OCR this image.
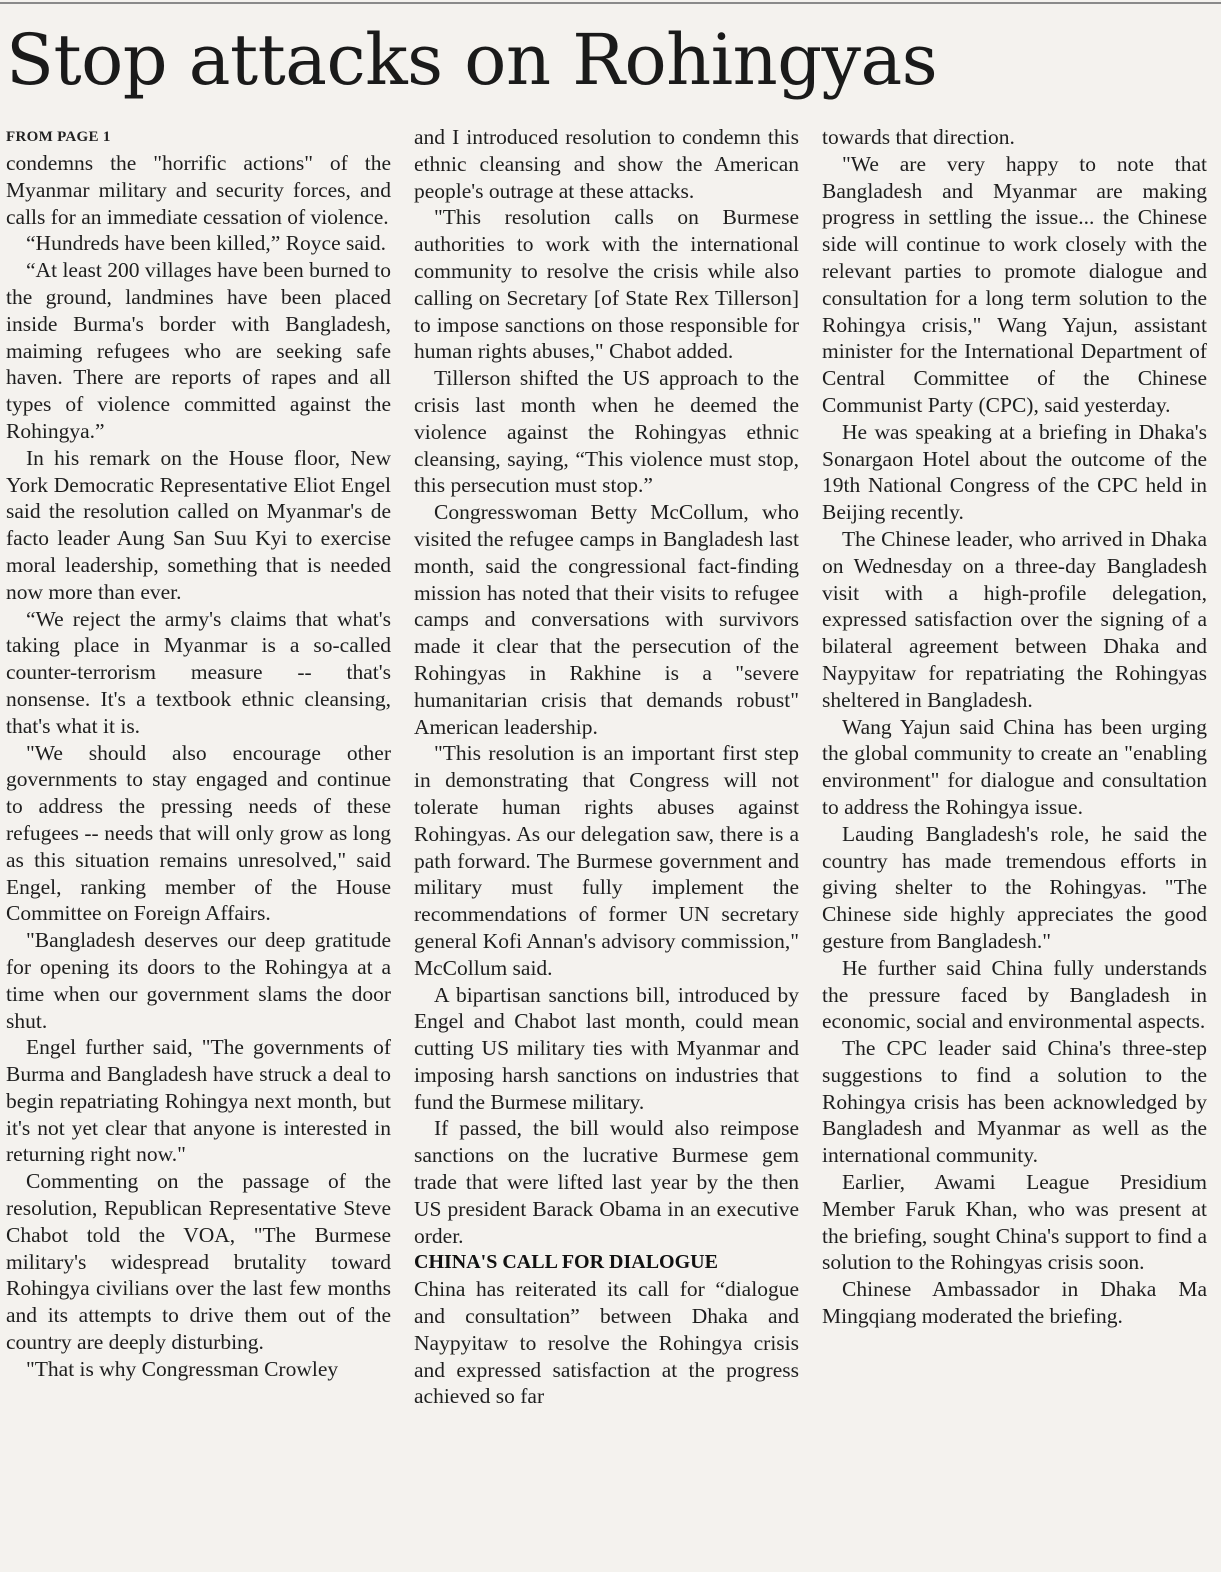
Stop attacks on Rohingyas
FROM PAGE 1

condemns the "horrific actions" of the Myanmar military and security forces, and calls for an immediate cessation of violence.

“Hundreds have been killed,” Royce said.

“At least 200 villages have been burned to the ground, landmines have been placed inside Burma's border with Bangladesh, maiming refugees who are seeking safe haven. There are reports of rapes and all types of violence committed against the Rohingya.”

In his remark on the House floor, New York Democratic Representative Eliot Engel said the resolution called on Myanmar's de facto leader Aung San Suu Kyi to exercise moral leadership, something that is needed now more than ever.

“We reject the army's claims that what's taking place in Myanmar is a so-called counter-terrorism measure -- that's nonsense. It's a textbook ethnic cleansing, that's what it is.

"We should also encourage other governments to stay engaged and continue to address the pressing needs of these refugees -- needs that will only grow as long as this situation remains unresolved," said Engel, ranking member of the House Committee on Foreign Affairs.

"Bangladesh deserves our deep gratitude for opening its doors to the Rohingya at a time when our government slams the door shut.

Engel further said, "The governments of Burma and Bangladesh have struck a deal to begin repatriating Rohingya next month, but it's not yet clear that anyone is interested in returning right now."

Commenting on the passage of the resolution, Republican Representative Steve Chabot told the VOA, "The Burmese military's widespread brutality toward Rohingya civilians over the last few months and its attempts to drive them out of the country are deeply disturbing.

"That is why Congressman Crowley

and I introduced resolution to condemn this ethnic cleansing and show the American people's outrage at these attacks.

"This resolution calls on Burmese authorities to work with the international community to resolve the crisis while also calling on Secretary [of State Rex Tillerson] to impose sanctions on those responsible for human rights abuses," Chabot added.

Tillerson shifted the US approach to the crisis last month when he deemed the violence against the Rohingyas ethnic cleansing, saying, “This violence must stop, this persecution must stop.”

Congresswoman Betty McCollum, who visited the refugee camps in Bangladesh last month, said the congressional fact-finding mission has noted that their visits to refugee camps and conversations with survivors made it clear that the persecution of the Rohingyas in Rakhine is a "severe humanitarian crisis that demands robust" American leadership.

"This resolution is an important first step in demonstrating that Congress will not tolerate human rights abuses against Rohingyas. As our delegation saw, there is a path forward. The Burmese government and military must fully implement the recommendations of former UN secretary general Kofi Annan's advisory commission," McCollum said.

A bipartisan sanctions bill, introduced by Engel and Chabot last month, could mean cutting US military ties with Myanmar and imposing harsh sanctions on industries that fund the Burmese military.

If passed, the bill would also reimpose sanctions on the lucrative Burmese gem trade that were lifted last year by the then US president Barack Obama in an executive order.

CHINA'S CALL FOR DIALOGUE

China has reiterated its call for “dialogue and consultation” between Dhaka and Naypyitaw to resolve the Rohingya crisis and expressed satisfaction at the progress achieved so far

towards that direction.

"We are very happy to note that Bangladesh and Myanmar are making progress in settling the issue... the Chinese side will continue to work closely with the relevant parties to promote dialogue and consultation for a long term solution to the Rohingya crisis," Wang Yajun, assistant minister for the International Department of Central Committee of the Chinese Communist Party (CPC), said yesterday.

He was speaking at a briefing in Dhaka's Sonargaon Hotel about the outcome of the 19th National Congress of the CPC held in Beijing recently.

The Chinese leader, who arrived in Dhaka on Wednesday on a three-day Bangladesh visit with a high-profile delegation, expressed satisfaction over the signing of a bilateral agreement between Dhaka and Naypyitaw for repatriating the Rohingyas sheltered in Bangladesh.

Wang Yajun said China has been urging the global community to create an "enabling environment" for dialogue and consultation to address the Rohingya issue.

Lauding Bangladesh's role, he said the country has made tremendous efforts in giving shelter to the Rohingyas. "The Chinese side highly appreciates the good gesture from Bangladesh."

He further said China fully understands the pressure faced by Bangladesh in economic, social and environmental aspects.

The CPC leader said China's three-step suggestions to find a solution to the Rohingya crisis has been acknowledged by Bangladesh and Myanmar as well as the international community.

Earlier, Awami League Presidium Member Faruk Khan, who was present at the briefing, sought China's support to find a solution to the Rohingyas crisis soon.

Chinese Ambassador in Dhaka Ma Mingqiang moderated the briefing.
